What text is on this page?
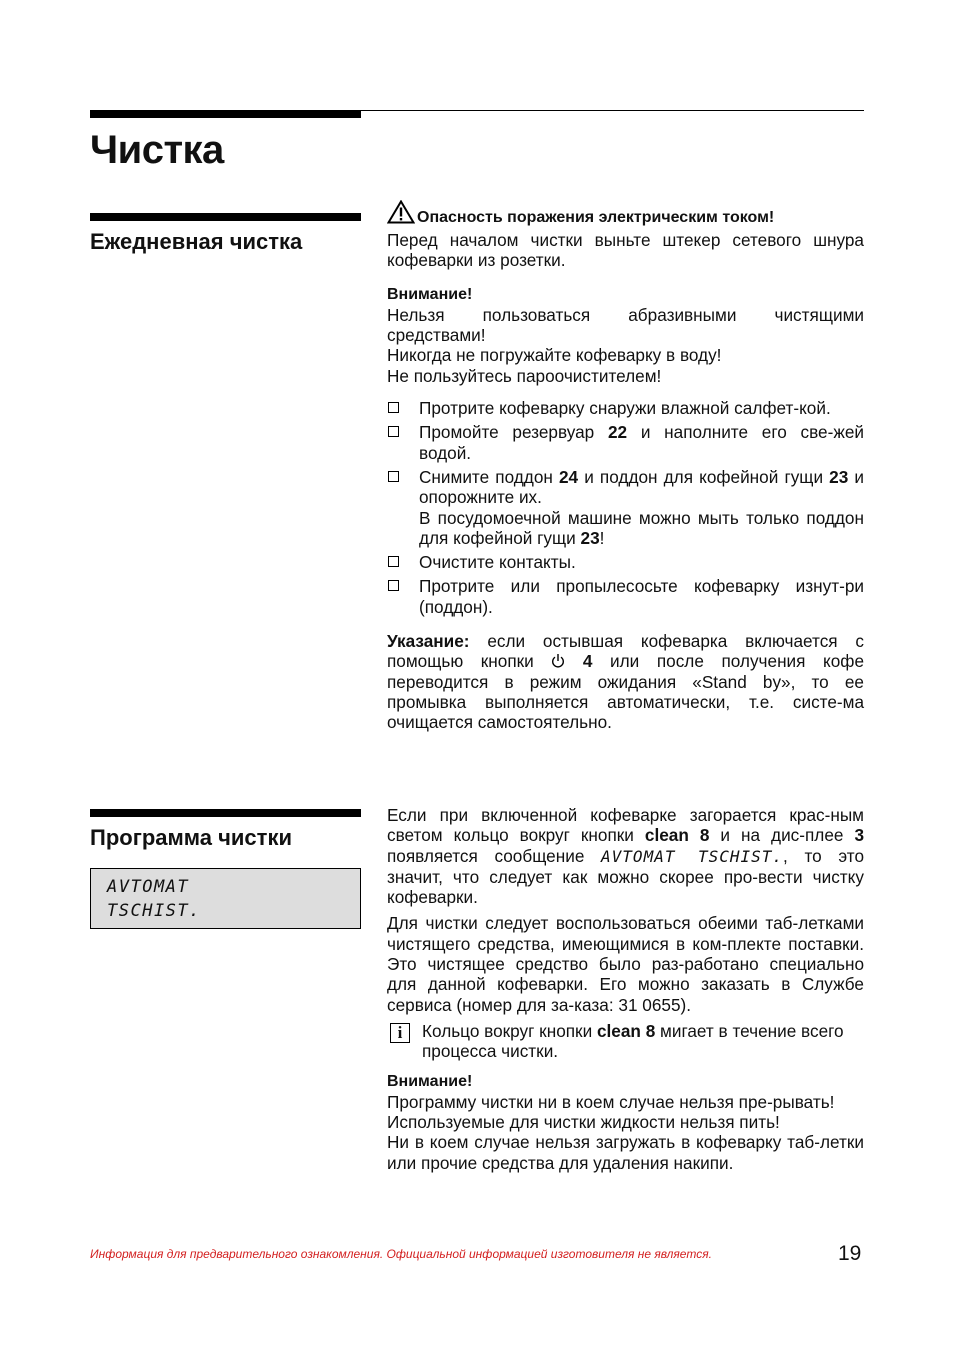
Чистка
Ежедневная чистка

Опасность поражения электрическим током!

Перед началом чистки выньте штекер сетевого шнура кофеварки из розетки.

Внимание!

Нельзя пользоваться абразивными чистящими средствами!

Никогда не погружайте кофеварку в воду!

Не пользуйтесь пароочистителем!

Протрите кофеварку снаружи влажной салфет-кой.
Промойте резервуар 22 и наполните его све-жей водой.
Снимите поддон 24 и поддон для кофейной гущи 23 и опорожните их.
В посудомоечной машине можно мыть только поддон для кофейной гущи 23!
Очистите контакты.
Протрите или пропылесосьте кофеварку изнут-ри (поддон).

Указание: если остывшая кофеварка включается с помощью кнопки  4 или после получения кофе переводится в режим ожидания «Stand by», то ее промывка выполняется автоматически, т.е. систе-ма очищается самостоятельно.

Программа чистки
AVTOMAT
TSCHIST.

Если при включенной кофеварке загорается крас-ным светом кольцо вокруг кнопки clean 8 и на дис-плее 3 появляется сообщение AVTOMAT TSCHIST., то это значит, что следует как можно скорее про-вести чистку кофеварки.

Для чистки следует воспользоваться обеими таб-летками чистящего средства, имеющимися в ком-плекте поставки. Это чистящее средство было раз-работано специально для данной кофеварки. Его можно заказать в Службе сервиса (номер для за-каза: 31 0655).

i	Кольцо вокруг кнопки clean 8 мигает в течение всего процесса чистки.

Внимание!

Программу чистки ни в коем случае нельзя пре-рывать!

Используемые для чистки жидкости нельзя пить!

Ни в коем случае нельзя загружать в кофеварку таб-летки или прочие средства для удаления накипи.

Информация для предварительного ознакомления. Официальной информацией изготовителя не является.	19
